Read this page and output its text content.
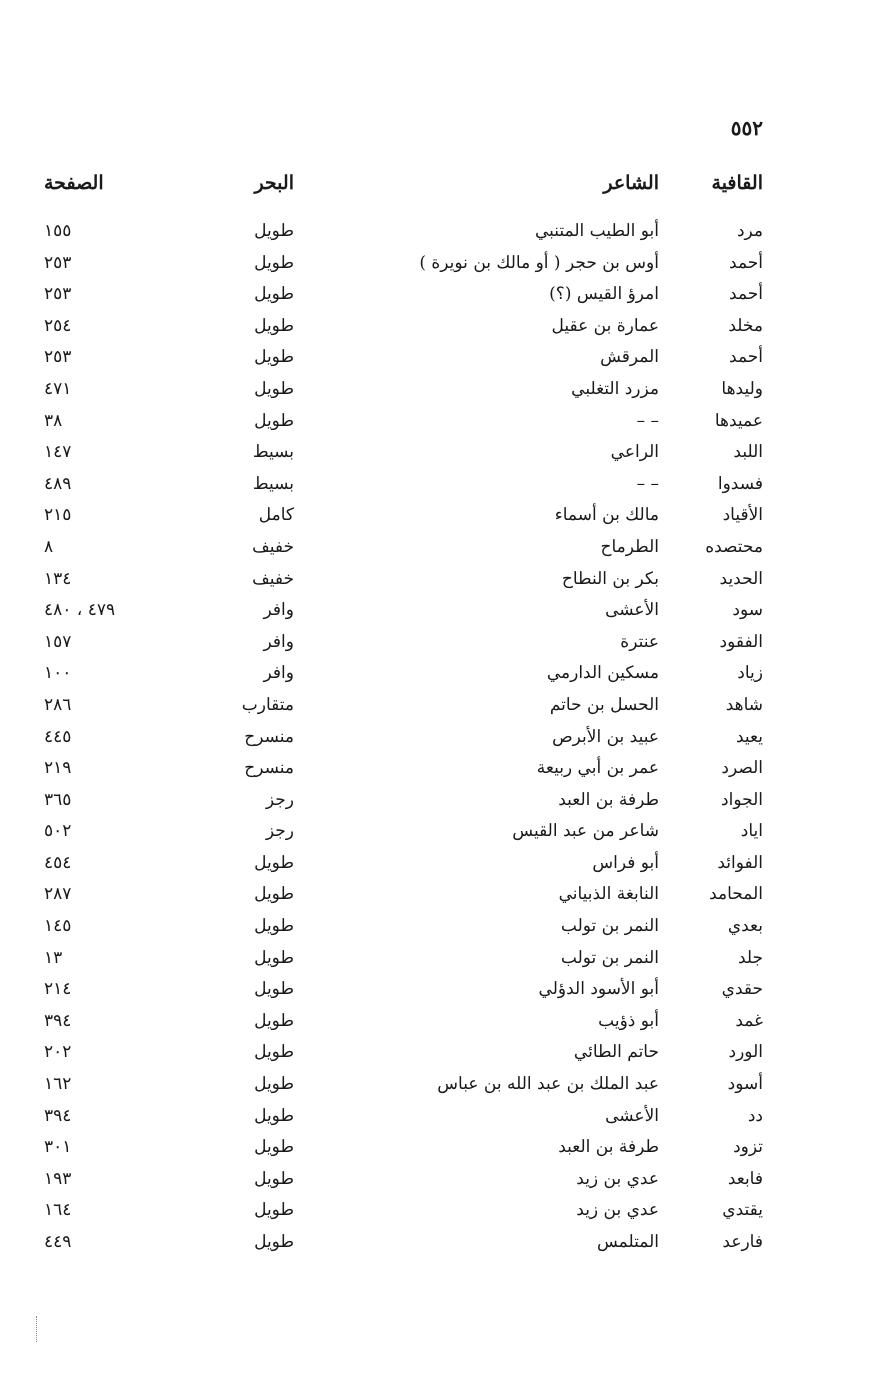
٥٥٢
القافية
الشاعر
البحر
الصفحة
مرد
أبو الطيب المتنبي
طويل
١٥٥
أحمد
أوس بن حجر ( أو مالك بن نويرة )
طويل
٢٥٣
أحمد
امرؤ القيس (؟)
طويل
٢٥٣
مخلد
عمارة بن عقيل
طويل
٢٥٤
أحمد
المرقش
طويل
٢٥٣
وليدها
مزرد التغلبي
طويل
٤٧١
عميدها
– –
طويل
٣٨
اللبد
الراعي
بسيط
١٤٧
فسدوا
– –
بسيط
٤٨٩
الأقياد
مالك بن أسماء
كامل
٢١٥
محتصده
الطرماح
خفيف
٨
الحديد
بكر بن النطاح
خفيف
١٣٤
سود
الأعشى
وافر
٤٧٩ ، ٤٨٠
الفقود
عنترة
وافر
١٥٧
زياد
مسكين الدارمي
وافر
١٠٠
شاهد
الحسل بن حاتم
متقارب
٢٨٦
يعيد
عبيد بن الأبرص
منسرح
٤٤٥
الصرد
عمر بن أبي ربيعة
منسرح
٢١٩
الجواد
طرفة بن العبد
رجز
٣٦٥
اياد
شاعر من عبد القيس
رجز
٥٠٢
الفوائد
أبو فراس
طويل
٤٥٤
المحامد
النابغة الذبياني
طويل
٢٨٧
بعدي
النمر بن تولب
طويل
١٤٥
جلد
النمر بن تولب
طويل
١٣
حقدي
أبو الأسود الدؤلي
طويل
٢١٤
غمد
أبو ذؤيب
طويل
٣٩٤
الورد
حاتم الطائي
طويل
٢٠٢
أسود
عبد الملك بن عبد الله بن عباس
طويل
١٦٢
دد
الأعشى
طويل
٣٩٤
تزود
طرفة بن العبد
طويل
٣٠١
فابعد
عدي بن زيد
طويل
١٩٣
يقتدي
عدي بن زيد
طويل
١٦٤
فارعد
المتلمس
طويل
٤٤٩
